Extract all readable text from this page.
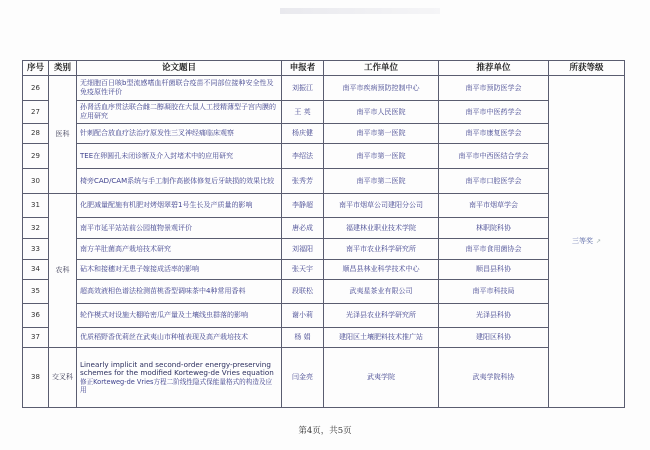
序号	类别	论文题目	申报者	工作单位	推荐单位	所获等级
26	医科	无细胞百日咳b型流感嗜血杆菌联合疫苗不同部位接种安全性及免疫原性评价	刘振江	南平市疾病预防控制中心	南平市预防医学会	三等奖 ↗
27		孙肾活血序贯法联合雌二醇凝胶在大鼠人工授精薄型子宫内膜的应用研究	王 英	南平市人民医院	南平市中医药学会	
28		针刺配合放血疗法治疗原发性三叉神经痛临床观察	杨庆健	南平市第一医院	南平市康复医学会	
29		TEE在卵圆孔未闭诊断及介入封堵术中的应用研究	李绍法	南平市第一医院	南平市中西医结合学会	
30		椅旁CAD/CAM系统与手工制作高嵌体修复后牙缺损的效果比较	张秀芳	南平市第二医院	南平市口腔医学会	
31	农科	化肥减量配施有机肥对烤烟翠碧1号生长及产质量的影响	李静超	南平市烟草公司建阳分公司	南平市烟草学会	
32		南平市延平站站前公园植物景观评价	唐必成	福建林业职业技术学院	林职院科协	
33		南方羊肚菌高产栽培技术研究	刘福阳	南平市农业科学研究所	南平市食用菌协会	
34		砧木和接穗对无患子嫁接成活率的影响	张天宇	顺昌县林业科学技术中心	顺昌县科协	
35		超高效液相色谱法检测苗桃香型调味茶中4种常用香料	段联松	武夷星茶业有限公司	南平市科技局	
36		轮作模式对设施大棚哈密瓜产量及土壤线虫群落的影响	谢小莉	光泽县农业科学研究所	光泽县科协	
37		优质稻野香优莉丝在武夷山市种植表现及高产栽培技术	杨 娟	建阳区土壤肥料技术推广站	建阳区科协	
38	交叉科	Linearly implicit and second-order energy-preserving schemes for the modified Korteweg-de Vries equation
修正Korteweg-de Vries方程二阶线性隐式保能量格式的构造及应用	闫金亮	武夷学院	武夷学院科协	
第4页，共5页
